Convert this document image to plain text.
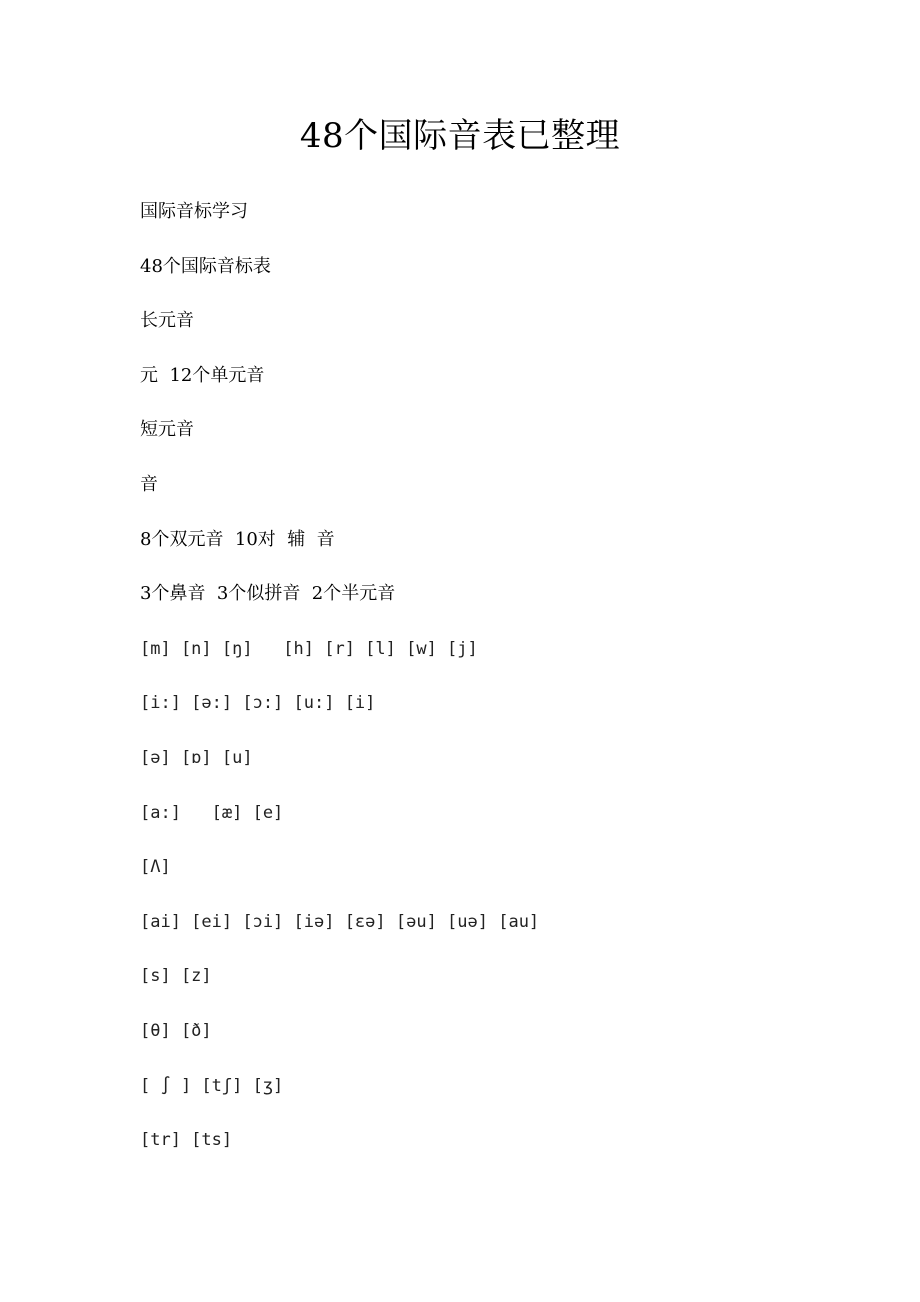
48个国际音表已整理
国际音标学习
48个国际音标表
长元音
元  12个单元音
短元音
音
8个双元音  10对  辅  音
3个鼻音  3个似拼音  2个半元音
[m] [n] [ŋ]   [h] [r] [l] [w] [j]
[i:] [ə:] [ɔ:] [u:] [i]
[ə] [ɒ] [u]
[a:]   [æ] [e]
[Λ]
[ai] [ei] [ɔi] [iə] [ɛə] [əu] [uə] [au]
[s] [z]
[θ] [ð]
[ ∫ ] [tʃ] [ʒ]
[tr] [ts]
